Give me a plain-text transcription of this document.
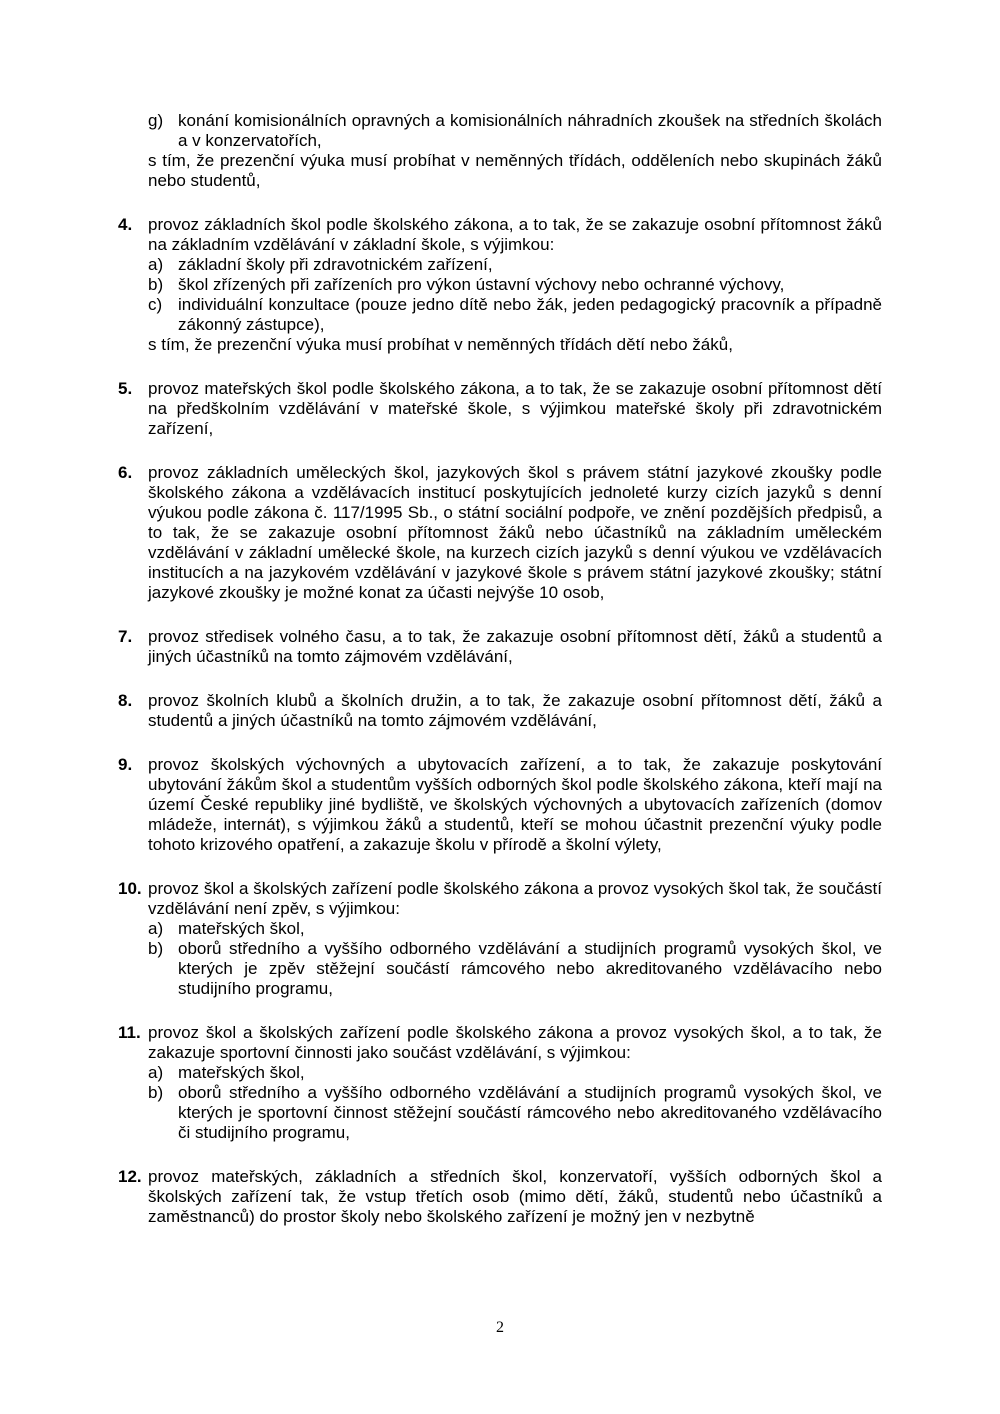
g) konání komisionálních opravných a komisionálních náhradních zkoušek na středních školách a v konzervatořích,
s tím, že prezenční výuka musí probíhat v neměnných třídách, odděleních nebo skupinách žáků nebo studentů,
4. provoz základních škol podle školského zákona, a to tak, že se zakazuje osobní přítomnost žáků na základním vzdělávání v základní škole, s výjimkou:
a) základní školy při zdravotnickém zařízení,
b) škol zřízených při zařízeních pro výkon ústavní výchovy nebo ochranné výchovy,
c) individuální konzultace (pouze jedno dítě nebo žák, jeden pedagogický pracovník a případně zákonný zástupce),
s tím, že prezenční výuka musí probíhat v neměnných třídách dětí nebo žáků,
5. provoz mateřských škol podle školského zákona, a to tak, že se zakazuje osobní přítomnost dětí na předškolním vzdělávání v mateřské škole, s výjimkou mateřské školy při zdravotnickém zařízení,
6. provoz základních uměleckých škol, jazykových škol s právem státní jazykové zkoušky podle školského zákona a vzdělávacích institucí poskytujících jednoleté kurzy cizích jazyků s denní výukou podle zákona č. 117/1995 Sb., o státní sociální podpoře, ve znění pozdějších předpisů, a to tak, že se zakazuje osobní přítomnost žáků nebo účastníků na základním uměleckém vzdělávání v základní umělecké škole, na kurzech cizích jazyků s denní výukou ve vzdělávacích institucích a na jazykovém vzdělávání v jazykové škole s právem státní jazykové zkoušky; státní jazykové zkoušky je možné konat za účasti nejvýše 10 osob,
7. provoz středisek volného času, a to tak, že zakazuje osobní přítomnost dětí, žáků a studentů a jiných účastníků na tomto zájmovém vzdělávání,
8. provoz školních klubů a školních družin, a to tak, že zakazuje osobní přítomnost dětí, žáků a studentů a jiných účastníků na tomto zájmovém vzdělávání,
9. provoz školských výchovných a ubytovacích zařízení, a to tak, že zakazuje poskytování ubytování žákům škol a studentům vyšších odborných škol podle školského zákona, kteří mají na území České republiky jiné bydliště, ve školských výchovných a ubytovacích zařízeních (domov mládeže, internát), s výjimkou žáků a studentů, kteří se mohou účastnit prezenční výuky podle tohoto krizového opatření, a zakazuje školu v přírodě a školní výlety,
10. provoz škol a školských zařízení podle školského zákona a provoz vysokých škol tak, že součástí vzdělávání není zpěv, s výjimkou:
a) mateřských škol,
b) oborů středního a vyššího odborného vzdělávání a studijních programů vysokých škol, ve kterých je zpěv stěžejní součástí rámcového nebo akreditovaného vzdělávacího nebo studijního programu,
11. provoz škol a školských zařízení podle školského zákona a provoz vysokých škol, a to tak, že zakazuje sportovní činnosti jako součást vzdělávání, s výjimkou:
a) mateřských škol,
b) oborů středního a vyššího odborného vzdělávání a studijních programů vysokých škol, ve kterých je sportovní činnost stěžejní součástí rámcového nebo akreditovaného vzdělávacího či studijního programu,
12. provoz mateřských, základních a středních škol, konzervatoří, vyšších odborných škol a školských zařízení tak, že vstup třetích osob (mimo dětí, žáků, studentů nebo účastníků a zaměstnanců) do prostor školy nebo školského zařízení je možný jen v nezbytně
2
